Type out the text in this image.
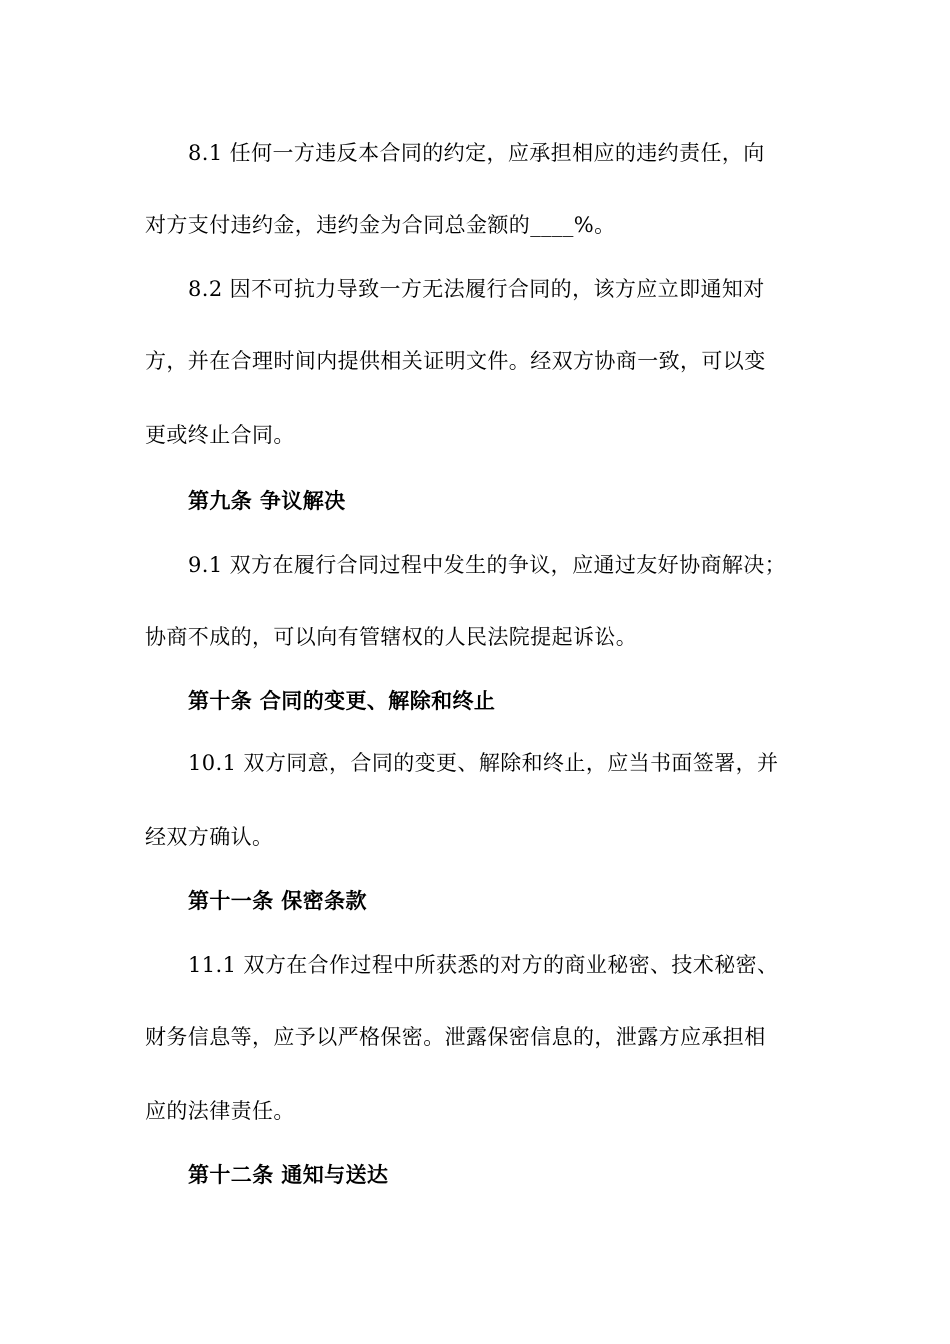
8.1 任何一方违反本合同的约定，应承担相应的违约责任，向
对方支付违约金，违约金为合同总金额的____%。
8.2 因不可抗力导致一方无法履行合同的，该方应立即通知对
方，并在合理时间内提供相关证明文件。经双方协商一致，可以变
更或终止合同。
第九条 争议解决
9.1 双方在履行合同过程中发生的争议，应通过友好协商解决；
协商不成的，可以向有管辖权的人民法院提起诉讼。
第十条 合同的变更、解除和终止
10.1 双方同意，合同的变更、解除和终止，应当书面签署，并
经双方确认。
第十一条 保密条款
11.1 双方在合作过程中所获悉的对方的商业秘密、技术秘密、
财务信息等，应予以严格保密。泄露保密信息的，泄露方应承担相
应的法律责任。
第十二条 通知与送达
